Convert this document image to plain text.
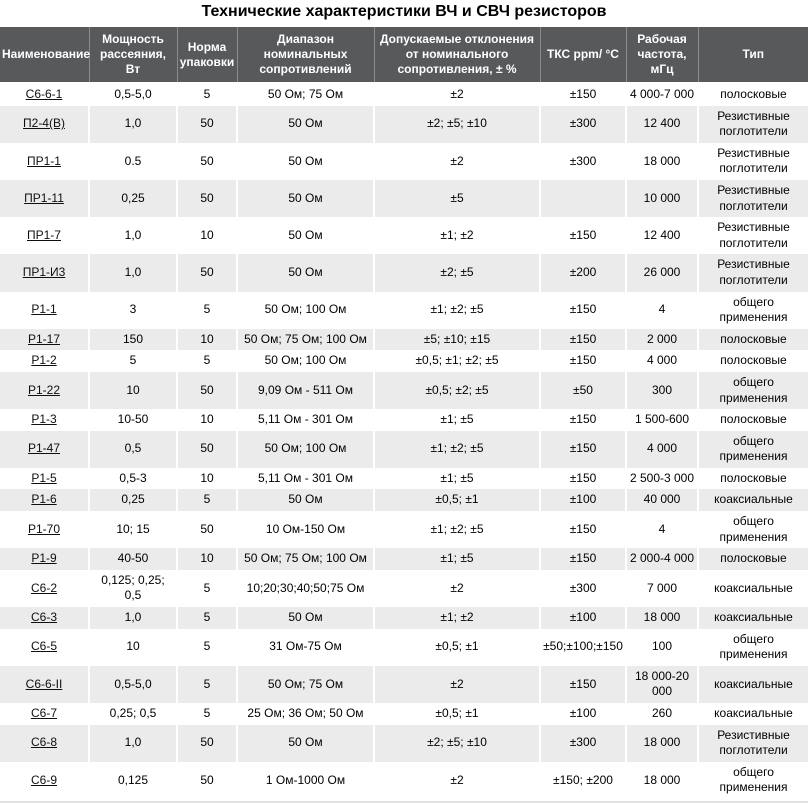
Технические характеристики ВЧ и СВЧ резисторов
Наименование	Мощность рассеяния, Вт	Норма упаковки	Диапазон номинальных сопротивлений	Допускаемые отклонения от номинального сопротивления, ± %	ТКС ppm/ °С	Рабочая частота, мГц	Тип
С6-6-1	0,5-5,0	5	50 Ом; 75 Ом	±2	±150	4 000-7 000	полосковые
П2-4(В)	1,0	50	50 Ом	±2; ±5; ±10	±300	12 400	Резистивные поглотители
ПР1-1	0.5	50	50 Ом	±2	±300	18 000	Резистивные поглотители
ПР1-11	0,25	50	50 Ом	±5		10 000	Резистивные поглотители
ПР1-7	1,0	10	50 Ом	±1; ±2	±150	12 400	Резистивные поглотители
ПР1-И3	1,0	50	50 Ом	±2; ±5	±200	26 000	Резистивные поглотители
Р1-1	3	5	50 Ом; 100 Ом	±1; ±2; ±5	±150	4	общего применения
Р1-17	150	10	50 Ом; 75 Ом; 100 Ом	±5; ±10; ±15	±150	2 000	полосковые
Р1-2	5	5	50 Ом; 100 Ом	±0,5; ±1; ±2; ±5	±150	4 000	полосковые
Р1-22	10	50	9,09 Ом - 511 Ом	±0,5; ±2; ±5	±50	300	общего применения
Р1-3	10-50	10	5,11 Ом - 301 Ом	±1; ±5	±150	1 500-600	полосковые
Р1-47	0,5	50	50 Ом; 100 Ом	±1; ±2; ±5	±150	4 000	общего применения
Р1-5	0,5-3	10	5,11 Ом - 301 Ом	±1; ±5	±150	2 500-3 000	полосковые
Р1-6	0,25	5	50 Ом	±0,5; ±1	±100	40 000	коаксиальные
Р1-70	10; 15	50	10 Ом-150 Ом	±1; ±2; ±5	±150	4	общего применения
Р1-9	40-50	10	50 Ом; 75 Ом; 100 Ом	±1; ±5	±150	2 000-4 000	полосковые
С6-2	0,125; 0,25; 0,5	5	10;20;30;40;50;75 Ом	±2	±300	7 000	коаксиальные
С6-3	1,0	5	50 Ом	±1; ±2	±100	18 000	коаксиальные
С6-5	10	5	31 Ом-75 Ом	±0,5; ±1	±50;±100;±150	100	общего применения
С6-6-II	0,5-5,0	5	50 Ом; 75 Ом	±2	±150	18 000-20 000	коаксиальные
С6-7	0,25; 0,5	5	25 Ом; 36 Ом; 50 Ом	±0,5; ±1	±100	260	коаксиальные
С6-8	1,0	50	50 Ом	±2; ±5; ±10	±300	18 000	Резистивные поглотители
С6-9	0,125	50	1 Ом-1000 Ом	±2	±150; ±200	18 000	общего применения
